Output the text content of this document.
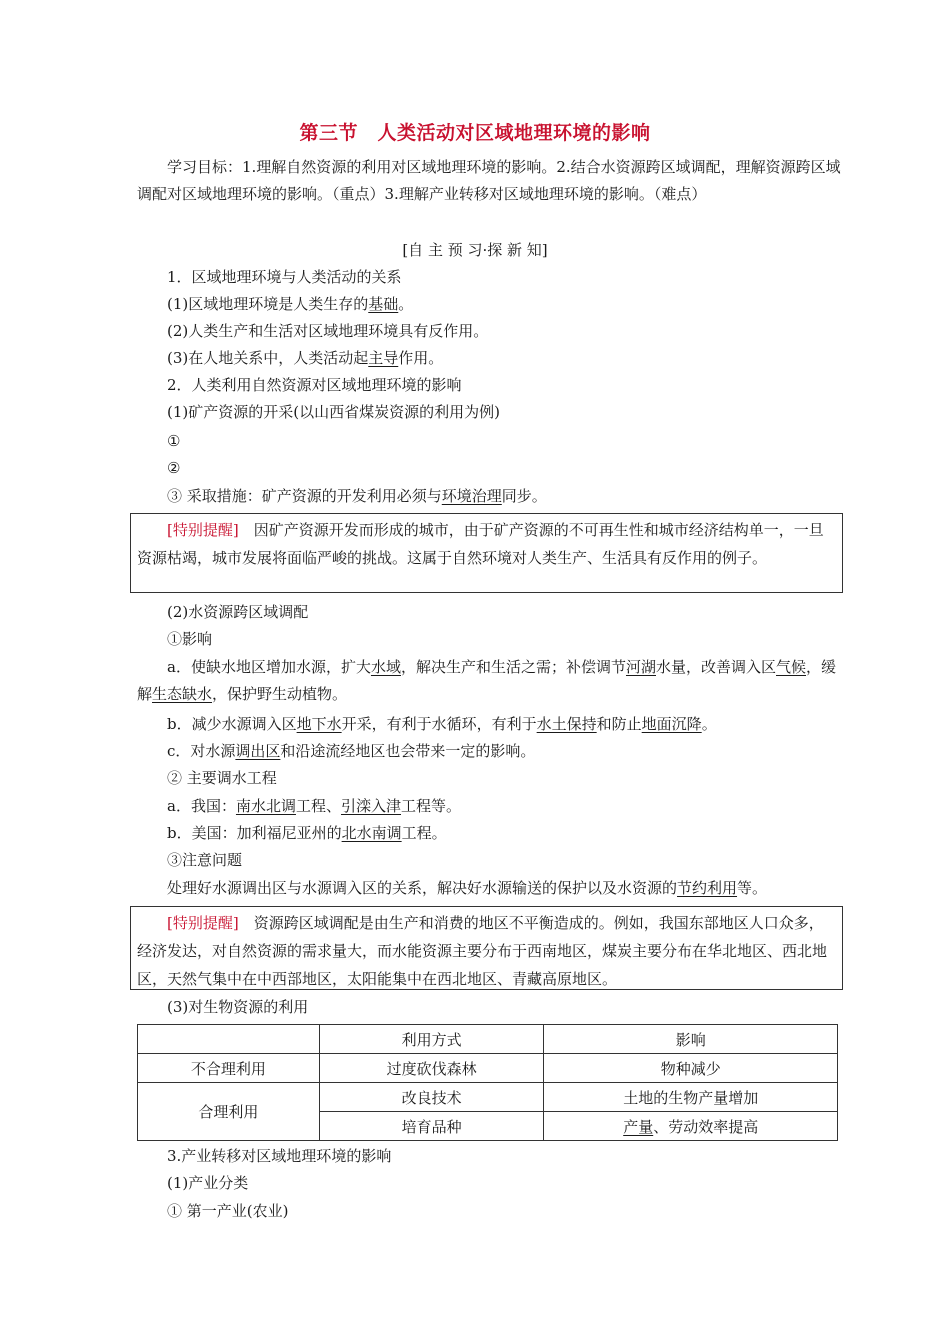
第三节　人类活动对区域地理环境的影响
学习目标：1.理解自然资源的利用对区域地理环境的影响。2.结合水资源跨区域调配，理解资源跨区域调配对区域地理环境的影响。（重点）3.理解产业转移对区域地理环境的影响。（难点）
[自 主 预 习·探 新 知]
1．区域地理环境与人类活动的关系
(1)区域地理环境是人类生存的基础。
(2)人类生产和生活对区域地理环境具有反作用。
(3)在人地关系中，人类活动起主导作用。
2．人类利用自然资源对区域地理环境的影响
(1)矿产资源的开采(以山西省煤炭资源的利用为例)
①
②
③ 采取措施：矿产资源的开发利用必须与环境治理同步。

[特别提醒]　因矿产资源开发而形成的城市，由于矿产资源的不可再生性和城市经济结构单一，一旦资源枯竭，城市发展将面临严峻的挑战。这属于自然环境对人类生产、生活具有反作用的例子。

(2)水资源跨区域调配
①影响
a．使缺水地区增加水源，扩大水域，解决生产和生活之需；补偿调节河湖水量，改善调入区气候，缓解生态缺水，保护野生动植物。
b．减少水源调入区地下水开采，有利于水循环，有利于水土保持和防止地面沉降。
c．对水源调出区和沿途流经地区也会带来一定的影响。
② 主要调水工程
a．我国：南水北调工程、引滦入津工程等。
b．美国：加利福尼亚州的北水南调工程。
③注意问题
处理好水源调出区与水源调入区的关系，解决好水源输送的保护以及水资源的节约利用等。

[特别提醒]　资源跨区域调配是由生产和消费的地区不平衡造成的。例如，我国东部地区人口众多，经济发达，对自然资源的需求量大，而水能资源主要分布于西南地区，煤炭主要分布在华北地区、西北地区，天然气集中在中西部地区，太阳能集中在西北地区、青藏高原地区。

(3)对生物资源的利用
	利用方式	影响
不合理利用	过度砍伐森林	物种减少
合理利用	改良技术	土地的生物产量增加
	培育品种	产量、劳动效率提高
3.产业转移对区域地理环境的影响
(1)产业分类
① 第一产业(农业)
